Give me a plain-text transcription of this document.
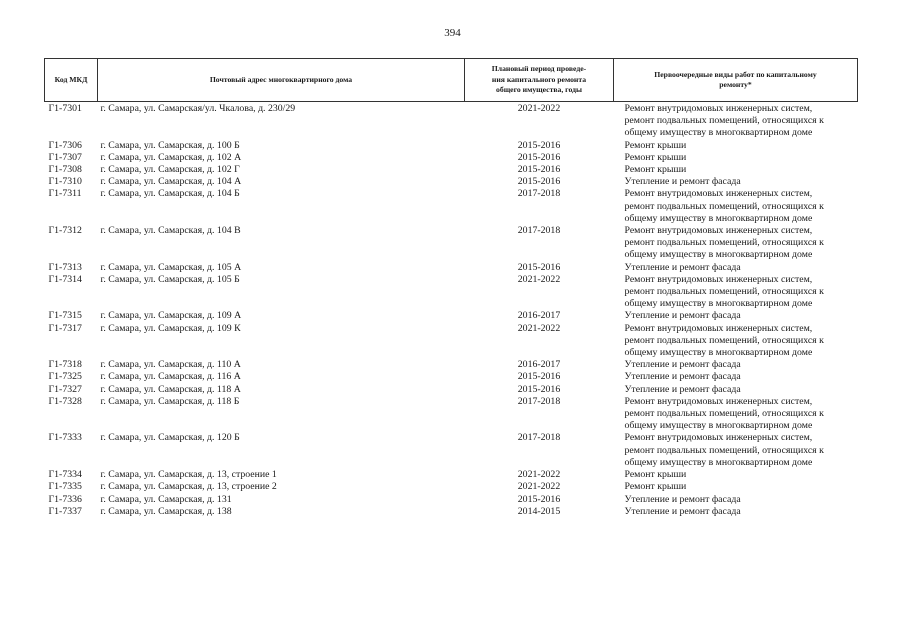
394
Код МКД	Почтовый адрес многоквартирного дома	Плановый период проведе-
ния капитального ремонта
общего имущества, годы	Первоочередные виды работ по капитальному
ремонту*

Г1-7301	г. Самара, ул. Самарская/ул. Чкалова, д. 230/29	2021-2022	Ремонт внутридомовых инженерных систем,
ремонт подвальных помещений, относящихся к
общему имуществу в многоквартирном доме

Г1-7306	г. Самара, ул. Самарская, д. 100 Б	2015-2016	Ремонт крыши

Г1-7307	г. Самара, ул. Самарская, д. 102 А	2015-2016	Ремонт крыши

Г1-7308	г. Самара, ул. Самарская, д. 102 Г	2015-2016	Ремонт крыши

Г1-7310	г. Самара, ул. Самарская, д. 104 А	2015-2016	Утепление и ремонт фасада

Г1-7311	г. Самара, ул. Самарская, д. 104 Б	2017-2018	Ремонт внутридомовых инженерных систем,
ремонт подвальных помещений, относящихся к
общему имуществу в многоквартирном доме

Г1-7312	г. Самара, ул. Самарская, д. 104 В	2017-2018	Ремонт внутридомовых инженерных систем,
ремонт подвальных помещений, относящихся к
общему имуществу в многоквартирном доме

Г1-7313	г. Самара, ул. Самарская, д. 105 А	2015-2016	Утепление и ремонт фасада

Г1-7314	г. Самара, ул. Самарская, д. 105 Б	2021-2022	Ремонт внутридомовых инженерных систем,
ремонт подвальных помещений, относящихся к
общему имуществу в многоквартирном доме

Г1-7315	г. Самара, ул. Самарская, д. 109 А	2016-2017	Утепление и ремонт фасада

Г1-7317	г. Самара, ул. Самарская, д. 109 К	2021-2022	Ремонт внутридомовых инженерных систем,
ремонт подвальных помещений, относящихся к
общему имуществу в многоквартирном доме

Г1-7318	г. Самара, ул. Самарская, д. 110 А	2016-2017	Утепление и ремонт фасада

Г1-7325	г. Самара, ул. Самарская, д. 116 А	2015-2016	Утепление и ремонт фасада

Г1-7327	г. Самара, ул. Самарская, д. 118 А	2015-2016	Утепление и ремонт фасада

Г1-7328	г. Самара, ул. Самарская, д. 118 Б	2017-2018	Ремонт внутридомовых инженерных систем,
ремонт подвальных помещений, относящихся к
общему имуществу в многоквартирном доме

Г1-7333	г. Самара, ул. Самарская, д. 120 Б	2017-2018	Ремонт внутридомовых инженерных систем,
ремонт подвальных помещений, относящихся к
общему имуществу в многоквартирном доме

Г1-7334	г. Самара, ул. Самарская, д. 13, строение 1	2021-2022	Ремонт крыши

Г1-7335	г. Самара, ул. Самарская, д. 13, строение 2	2021-2022	Ремонт крыши

Г1-7336	г. Самара, ул. Самарская, д. 131	2015-2016	Утепление и ремонт фасада

Г1-7337	г. Самара, ул. Самарская, д. 138	2014-2015	Утепление и ремонт фасада
